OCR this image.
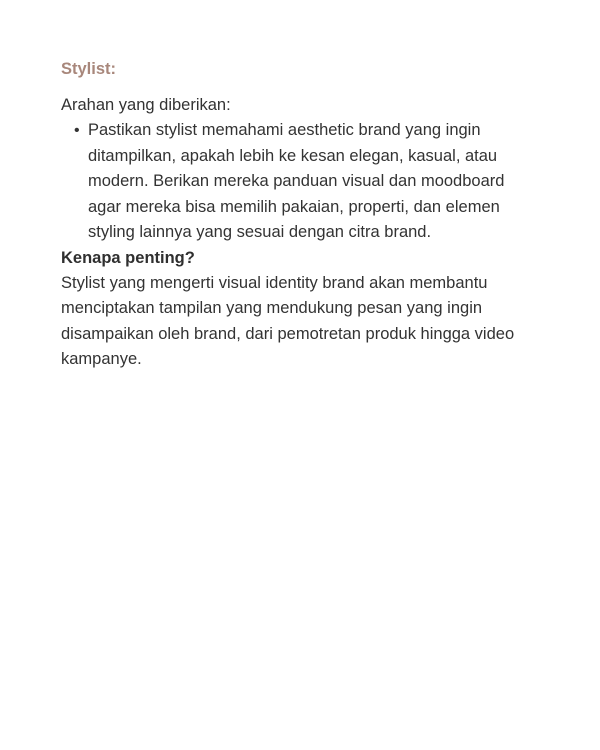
Stylist:

Arahan yang diberikan:

• Pastikan stylist memahami aesthetic brand yang ingin ditampilkan, apakah lebih ke kesan elegan, kasual, atau modern. Berikan mereka panduan visual dan moodboard agar mereka bisa memilih pakaian, properti, dan elemen styling lainnya yang sesuai dengan citra brand.
Kenapa penting?

Stylist yang mengerti visual identity brand akan membantu menciptakan tampilan yang mendukung pesan yang ingin disampaikan oleh brand, dari pemotretan produk hingga video kampanye.
